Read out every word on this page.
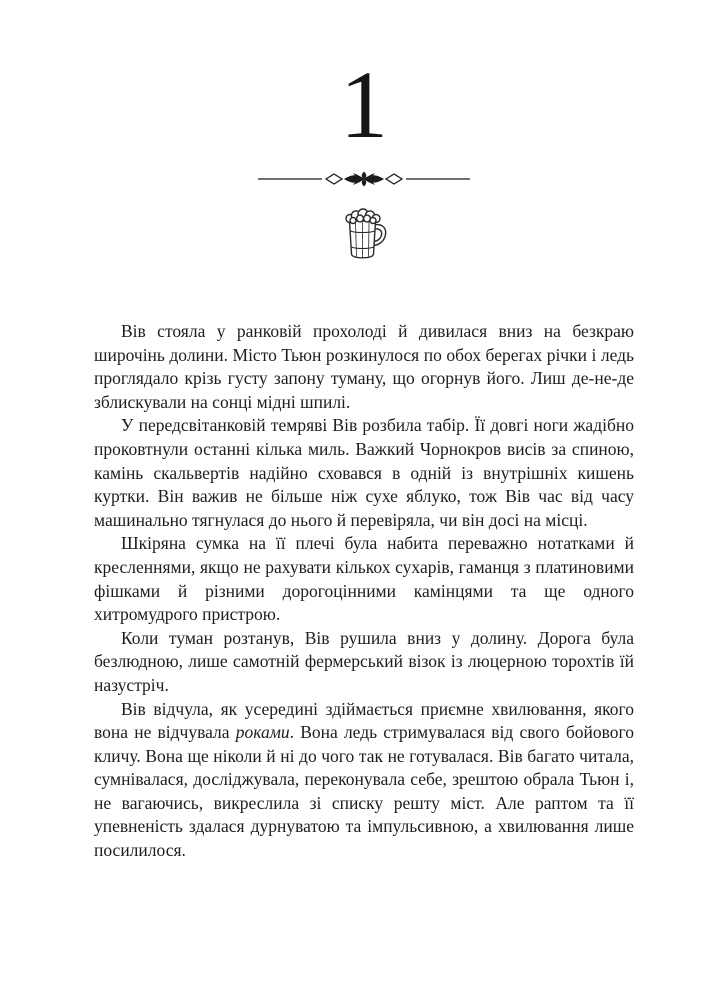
1

Вів стояла у ранковій прохолоді й дивилася вниз на безкраю широчінь долини. Місто Тьюн розкинулося по обох берегах річки і ледь проглядало крізь густу запону туману, що огорнув його. Лиш де-не-де зблискували на сонці мідні шпилі.

У передсвітанковій темряві Вів розбила табір. Її довгі ноги жадібно проковтнули останні кілька миль. Важкий Чорнокров висів за спиною, камінь скальвертів надійно сховався в одній із внутрішніх кишень куртки. Він важив не більше ніж сухе яблуко, тож Вів час від часу машинально тягнулася до нього й перевіряла, чи він досі на місці.

Шкіряна сумка на її плечі була набита переважно нотатками й кресленнями, якщо не рахувати кількох сухарів, гаманця з платиновими фішками й різними дорогоцінними камінцями та ще одного хитромудрого пристрою.

Коли туман розтанув, Вів рушила вниз у долину. Дорога була безлюдною, лише самотній фермерський візок із люцерною торохтів їй назустріч.

Вів відчула, як усередині здіймається приємне хвилювання, якого вона не відчувала роками. Вона ледь стримувалася від свого бойового кличу. Вона ще ніколи й ні до чого так не готувалася. Вів багато читала, сумнівалася, досліджувала, переконувала себе, зрештою обрала Тьюн і, не вагаючись, викреслила зі списку решту міст. Але раптом та її упевненість здалася дурнуватою та імпульсивною, а хвилювання лише посилилося.
